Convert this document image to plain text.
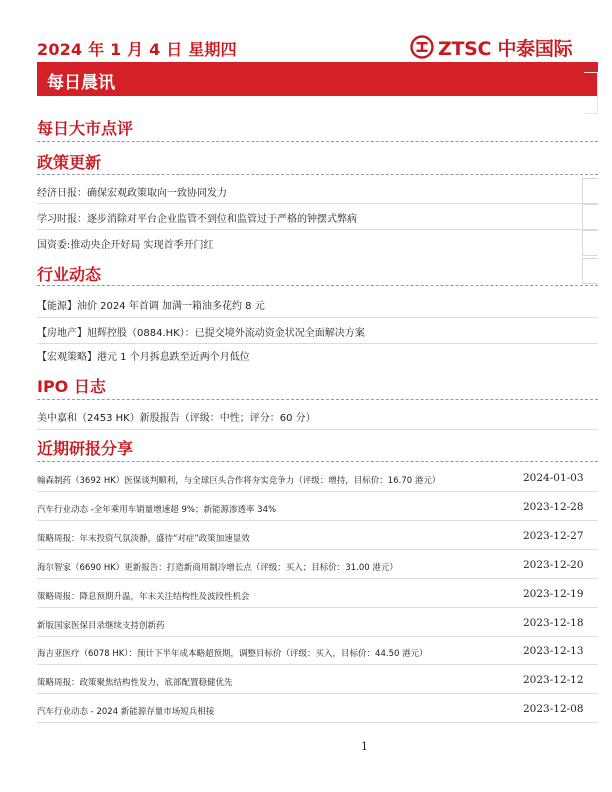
2024 年 1 月 4 日 星期四	ZTSC 中泰国际
每日晨讯
每日大市点评
政策更新
经济日报：确保宏观政策取向一致协同发力
学习时报：逐步消除对平台企业监管不到位和监管过于严格的钟摆式弊病
国资委:推动央企开好局 实现首季开门红
行业动态
【能源】油价 2024 年首调 加满一箱油多花约 8 元
【房地产】旭辉控股（0884.HK）：已提交境外流动资金状况全面解决方案
【宏观策略】港元 1 个月拆息跌至近两个月低位
IPO 日志
美中嘉和（2453 HK）新股报告（评级：中性；评分：60 分）
近期研报分享
翰森制药（3692 HK）医保谈判顺利，与全球巨头合作将夯实竞争力（评级：增持，目标价：16.70 港元）	2024-01-03
汽车行业动态 -全年乘用车销量增速超 9%；新能源渗透率 34%	2023-12-28
策略周报：年末投资气氛淡静，盛待“对症”政策加速显效	2023-12-27
海尔智家（6690 HK）更新报告：打造新商用制冷增长点（评级：买入；目标价：31.00 港元）	2023-12-20
策略周报：降息预期升温，年末关注结构性及波段性机会	2023-12-19
新版国家医保目录继续支持创新药	2023-12-18
海吉亚医疗（6078 HK）：预计下半年成本略超预期，调整目标价（评级：买入，目标价：44.50 港元）	2023-12-13
策略周报：政策聚焦结构性发力，底部配置稳健优先	2023-12-12
汽车行业动态 - 2024 新能源存量市场短兵相接	2023-12-08
1
